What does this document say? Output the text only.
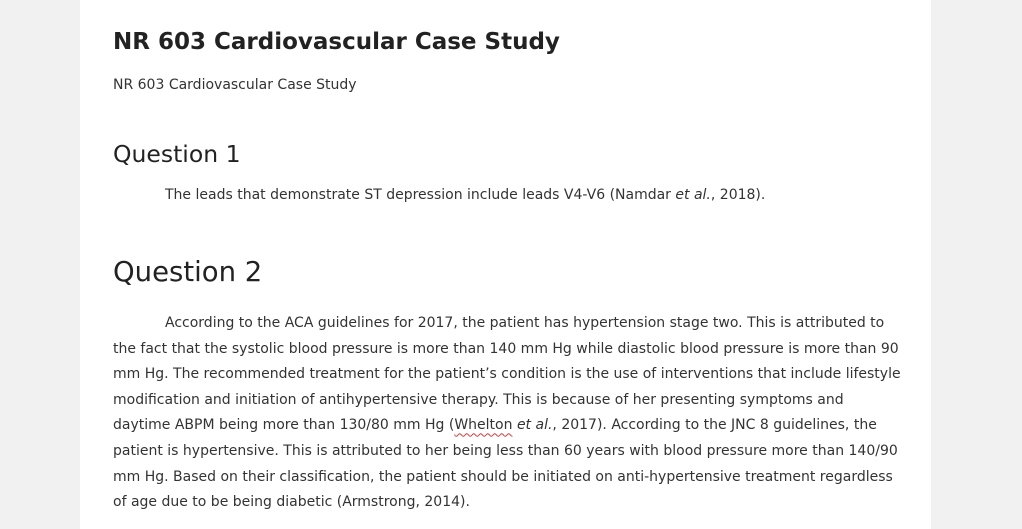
NR 603 Cardiovascular Case Study

NR 603 Cardiovascular Case Study

Question 1

The leads that demonstrate ST depression include leads V4-V6 (Namdar et al., 2018).

Question 2
According to the ACA guidelines for 2017, the patient has hypertension stage two. This is attributed to
the fact that the systolic blood pressure is more than 140 mm Hg while diastolic blood pressure is more than 90
mm Hg. The recommended treatment for the patient’s condition is the use of interventions that include lifestyle
modification and initiation of antihypertensive therapy. This is because of her presenting symptoms and
daytime ABPM being more than 130/80 mm Hg (Whelton et al., 2017). According to the JNC 8 guidelines, the
patient is hypertensive. This is attributed to her being less than 60 years with blood pressure more than 140/90
mm Hg. Based on their classification, the patient should be initiated on anti-hypertensive treatment regardless
of age due to be being diabetic (Armstrong, 2014).
